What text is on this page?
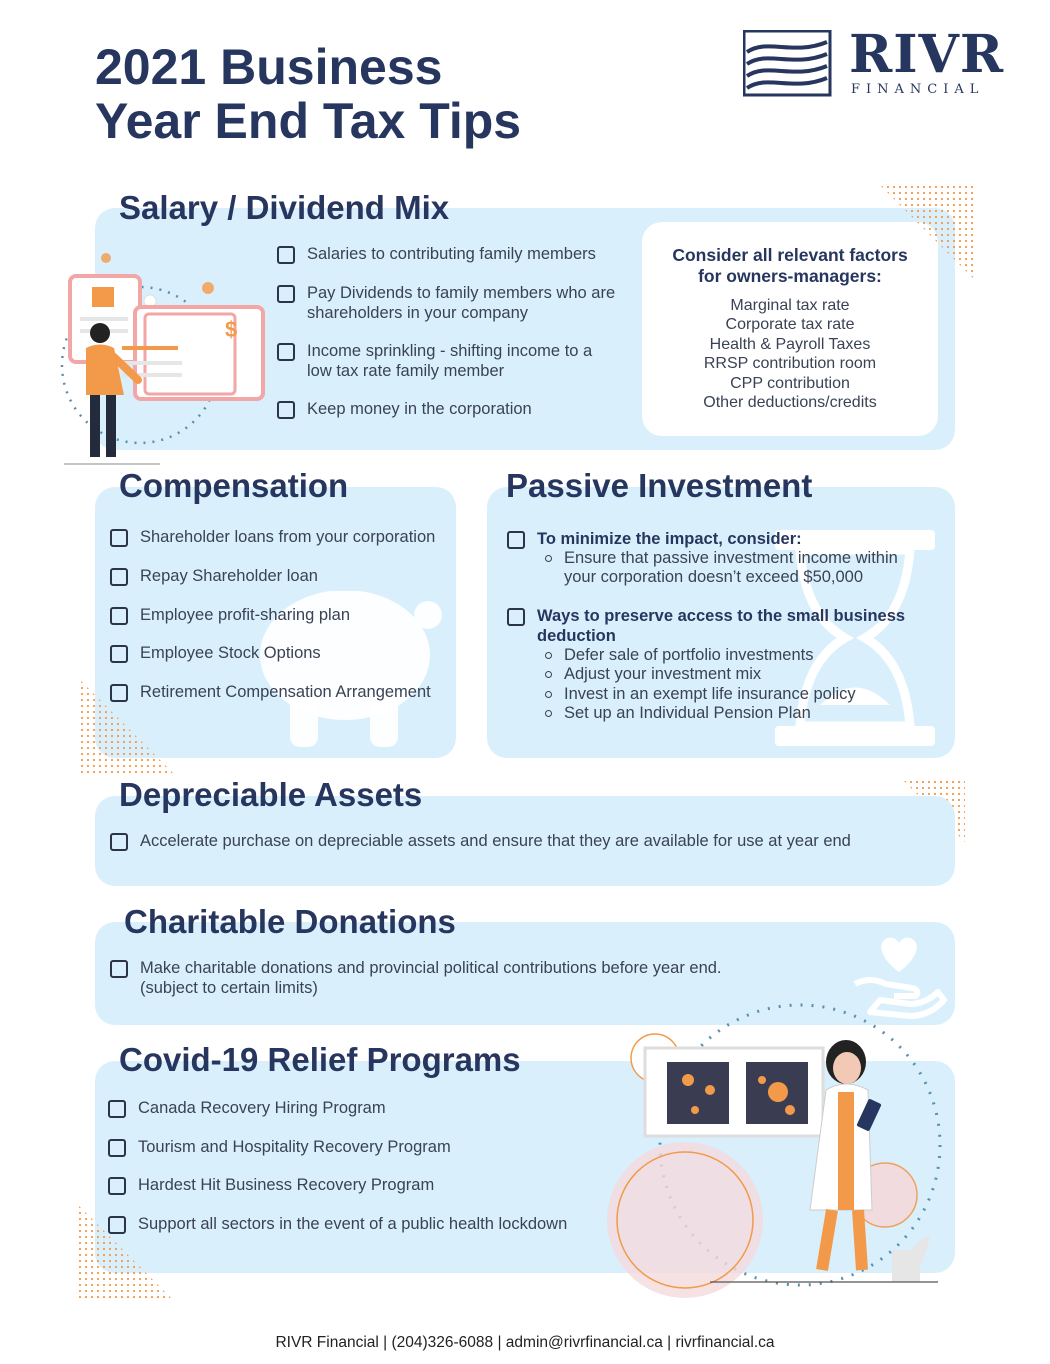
2021 Business
Year End Tax Tips
RIVR
FINANCIAL
Salary / Dividend Mix
$
Salaries to contributing family members
Pay Dividends to family members who are shareholders in your company
Income sprinkling - shifting income to a low tax rate family member
Keep money in the corporation
Consider all relevant factors for owners-managers:
Marginal tax rate
Corporate tax rate
Health & Payroll Taxes
RRSP contribution room
CPP contribution
Other deductions/credits
Compensation
Shareholder loans from your corporation
Repay Shareholder loan
Employee profit-sharing plan
Employee Stock Options
Retirement Compensation Arrangement
Passive Investment
To minimize the impact, consider:
Ensure that passive investment income within your corporation doesn’t exceed $50,000
Ways to preserve access to the small business deduction
Defer sale of portfolio investments
Adjust your investment mix
Invest in an exempt life insurance policy
Set up an Individual Pension Plan
Depreciable Assets
Accelerate purchase on depreciable assets and ensure that they are available for use at year end
Charitable Donations
Make charitable donations and provincial political contributions before year end. (subject to certain limits)
Covid-19 Relief Programs
Canada Recovery Hiring Program
Tourism and Hospitality Recovery Program
Hardest Hit Business Recovery Program
Support all sectors in the event of a public health lockdown
RIVR Financial | (204)326-6088 | admin@rivrfinancial.ca | rivrfinancial.ca
